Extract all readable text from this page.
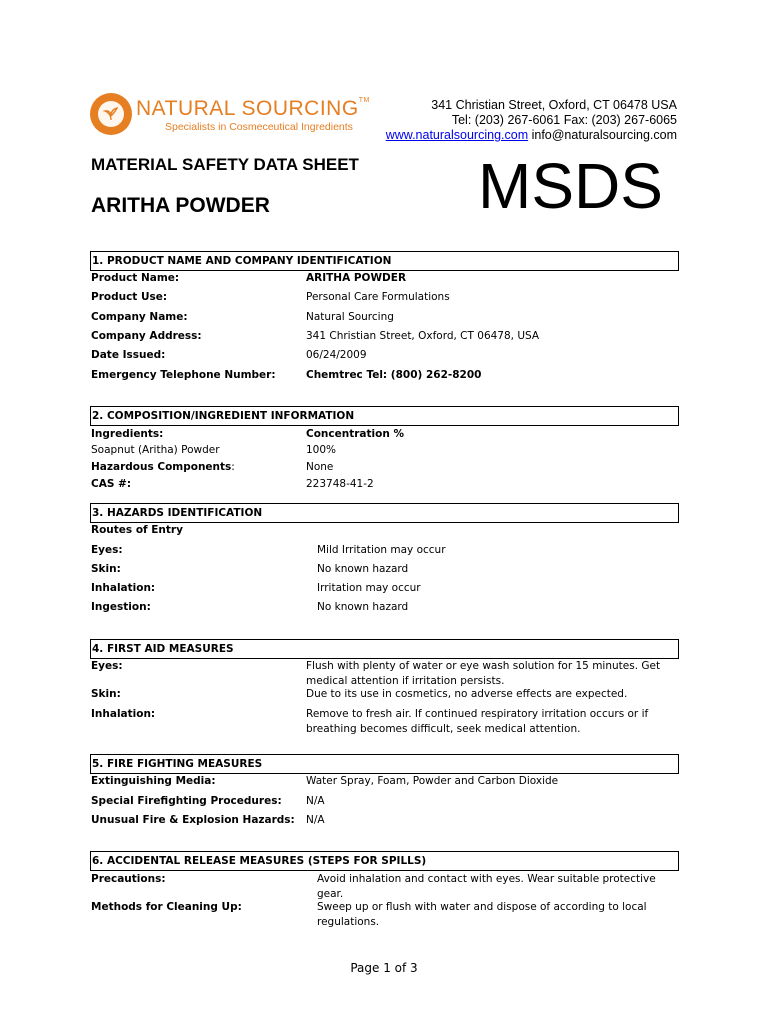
NATURAL SOURCING™
Specialists in Cosmeceutical Ingredients
341 Christian Street, Oxford, CT 06478 USA
Tel: (203) 267-6061 Fax: (203) 267-6065
www.naturalsourcing.com info@naturalsourcing.com
MATERIAL SAFETY DATA SHEET
ARITHA POWDER	MSDS
1. PRODUCT NAME AND COMPANY IDENTIFICATION
Product Name:	ARITHA POWDER
Product Use:	Personal Care Formulations
Company Name:	Natural Sourcing
Company Address:	341 Christian Street, Oxford, CT 06478, USA
Date Issued:	06/24/2009
Emergency Telephone Number:	Chemtrec Tel: (800) 262-8200
2. COMPOSITION/INGREDIENT INFORMATION
Ingredients:	Concentration %
Soapnut (Aritha) Powder	100%
Hazardous Components:	None
CAS #:	223748-41-2
3. HAZARDS IDENTIFICATION
Routes of Entry
Eyes:	Mild Irritation may occur
Skin:	No known hazard
Inhalation:	Irritation may occur
Ingestion:	No known hazard
4. FIRST AID MEASURES
Eyes:	Flush with plenty of water or eye wash solution for 15 minutes. Get medical attention if irritation persists.
Skin:	Due to its use in cosmetics, no adverse effects are expected.
Inhalation:	Remove to fresh air. If continued respiratory irritation occurs or if breathing becomes difficult, seek medical attention.
5. FIRE FIGHTING MEASURES
Extinguishing Media:	Water Spray, Foam, Powder and Carbon Dioxide
Special Firefighting Procedures: N/A
Unusual Fire & Explosion Hazards: N/A
6. ACCIDENTAL RELEASE MEASURES (STEPS FOR SPILLS)
Precautions:	Avoid inhalation and contact with eyes. Wear suitable protective gear.
Methods for Cleaning Up:	Sweep up or flush with water and dispose of according to local regulations.
Page 1 of 3
